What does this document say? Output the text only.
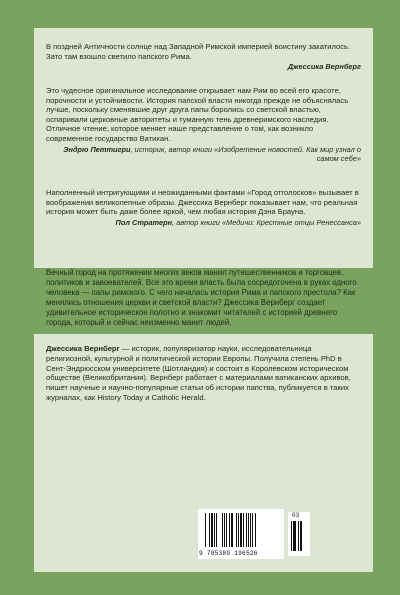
В поздней Античности солнце над Западной Римской империей воистину закатилось. Зато там взошло светило папского Рима.
Джессика Вернберг
Это чудесное оригинальное исследование открывает нам Рим во всей его красоте, порочности и устойчивости. История папской власти никогда прежде не объяснялась лучше, поскольку сменявшие друг друга папы боролись со светской властью, оспаривали церковные авторитеты и туманную тень древнеримского наследия. Отличное чтение, которое меняет наше представление о том, как возникло современное государство Ватикан.
Эндрю Петтигри, историк, автор книги «Изобретение новостей. Как мир узнал о самом себе»
Наполненный интригующими и неожиданными фактами «Город отголосков» вызывает в воображении великолепные образы. Джессика Вернберг показывает нам, что реальная история может быть даже более яркой, чем любая история Дэна Брауна.
Пол Стратерн, автор книги «Медичи: Крестные отцы Ренессанса»

Вечный город на протяжении многих веков манил путешественников и торговцев, политиков и завоевателей. Все это время власть была сосредоточена в руках одного человека — папы римского. С чего началась история Рима и папского престола? Как менялись отношения церкви и светской власти? Джессика Вернберг создает удивительное историческое полотно и знакомит читателей с историей древнего города, который и сейчас неизменно манит людей.

Джессика Вернберг — историк, популяризатор науки, исследовательница религиозной, культурной и политической истории Европы. Получила степень PhD в Сент-Эндрюсском университете (Шотландия) и состоит в Королевском историческом обществе (Великобритания). Вернберг работает с материалами ватиканских архивов, пишет научные и научно-популярные статьи об истории папства, публикуется в таких журналах, как History Today и Catholic Herald.
9 785389 196526
03
